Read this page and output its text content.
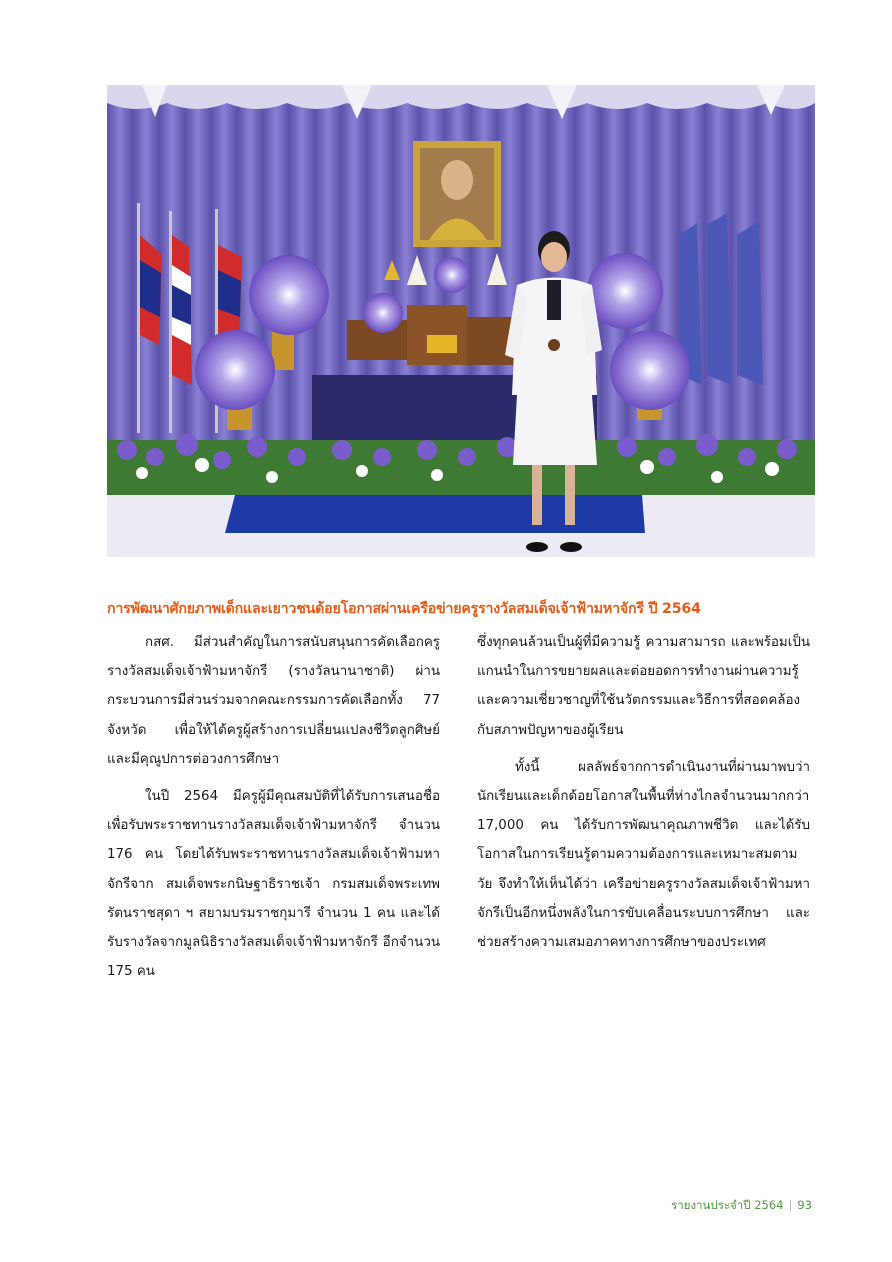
การพัฒนาศักยภาพเด็กและเยาวชนด้อยโอกาสผ่านเครือข่ายครูรางวัลสมเด็จเจ้าฟ้ามหาจักรี ปี 2564

กสศ. มีส่วนสำคัญในการสนับสนุนการคัดเลือกครูรางวัลสมเด็จเจ้าฟ้ามหาจักรี (รางวัลนานาชาติ) ผ่านกระบวนการมีส่วนร่วมจากคณะกรรมการคัดเลือกทั้ง 77 จังหวัด เพื่อให้ได้ครูผู้สร้างการเปลี่ยนแปลงชีวิตลูกศิษย์และมีคุณูปการต่อวงการศึกษา

ในปี 2564 มีครูผู้มีคุณสมบัติที่ได้รับการเสนอชื่อเพื่อรับพระราชทานรางวัลสมเด็จเจ้าฟ้ามหาจักรี จำนวน 176 คน โดยได้รับพระราชทานรางวัลสมเด็จเจ้าฟ้ามหาจักรีจาก สมเด็จพระกนิษฐาธิราชเจ้า กรมสมเด็จพระเทพรัตนราชสุดา ฯ สยามบรมราชกุมารี จำนวน 1 คน และได้รับรางวัลจากมูลนิธิรางวัลสมเด็จเจ้าฟ้ามหาจักรี อีกจำนวน 175 คน

ซึ่งทุกคนล้วนเป็นผู้ที่มีความรู้ ความสามารถ และพร้อมเป็นแกนนำในการขยายผลและต่อยอดการทำงานผ่านความรู้และความเชี่ยวชาญที่ใช้นวัตกรรมและวิธีการที่สอดคล้องกับสภาพปัญหาของผู้เรียน

ทั้งนี้ ผลลัพธ์จากการดำเนินงานที่ผ่านมาพบว่า นักเรียนและเด็กด้อยโอกาสในพื้นที่ห่างไกลจำนวนมากกว่า 17,000 คน ได้รับการพัฒนาคุณภาพชีวิต และได้รับโอกาสในการเรียนรู้ตามความต้องการและเหมาะสมตามวัย จึงทำให้เห็นได้ว่า เครือข่ายครูรางวัลสมเด็จเจ้าฟ้ามหาจักรีเป็นอีกหนึ่งพลังในการขับเคลื่อนระบบการศึกษา และช่วยสร้างความเสมอภาคทางการศึกษาของประเทศ

รายงานประจำปี 2564 | 93
